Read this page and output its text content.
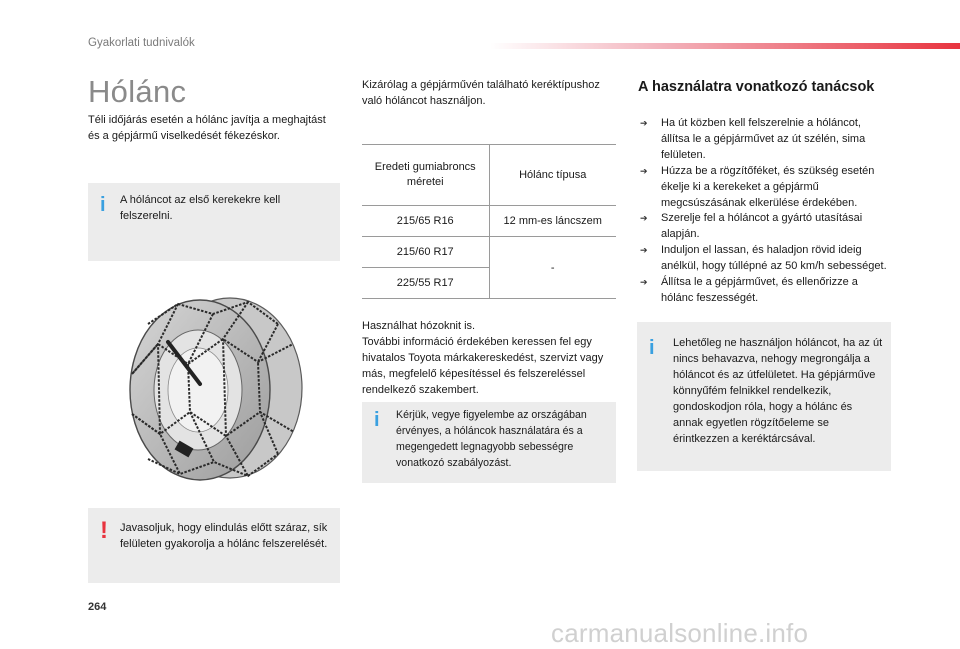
Gyakorlati tudnivalók
Hólánc

Téli időjárás esetén a hólánc javítja a meghajtást és a gépjármű viselkedését fékezéskor.

i A hóláncot az első kerekekre kell felszerelni.

! Javasoljuk, hogy elindulás előtt száraz, sík felületen gyakorolja a hólánc felszerelését.

Kizárólag a gépjárművén található keréktípushoz való hóláncot használjon.

Eredeti gumiabroncs méretei	Hólánc típusa
215/65 R16	12 mm-es láncszem
215/60 R17	-
225/55 R17	

Használhat hózoknit is.

További információ érdekében keressen fel egy hivatalos Toyota márkakereskedést, szervizt vagy más, megfelelő képesítéssel és felszereléssel rendelkező szakembert.

i Kérjük, vegye figyelembe az országában érvényes, a hóláncok használatára és a megengedett legnagyobb sebességre vonatkozó szabályozást.

A használatra vonatkozó tanácsok
➔ Ha út közben kell felszerelnie a hóláncot, állítsa le a gépjárművet az út szélén, sima felületen.
➔ Húzza be a rögzítőféket, és szükség esetén ékelje ki a kerekeket a gépjármű megcsúszásának elkerülése érdekében.
➔ Szerelje fel a hóláncot a gyártó utasításai alapján.
➔ Induljon el lassan, és haladjon rövid ideig anélkül, hogy túllépné az 50 km/h sebességet.
➔ Állítsa le a gépjárművet, és ellenőrizze a hólánc feszességét.
i Lehetőleg ne használjon hóláncot, ha az út nincs behavazva, nehogy megrongálja a hóláncot és az útfelületet. Ha gépjárműve könnyűfém felnikkel rendelkezik, gondoskodjon róla, hogy a hólánc és annak egyetlen rögzítőeleme se érintkezzen a keréktárcsával.

264
carmanualsonline.info
